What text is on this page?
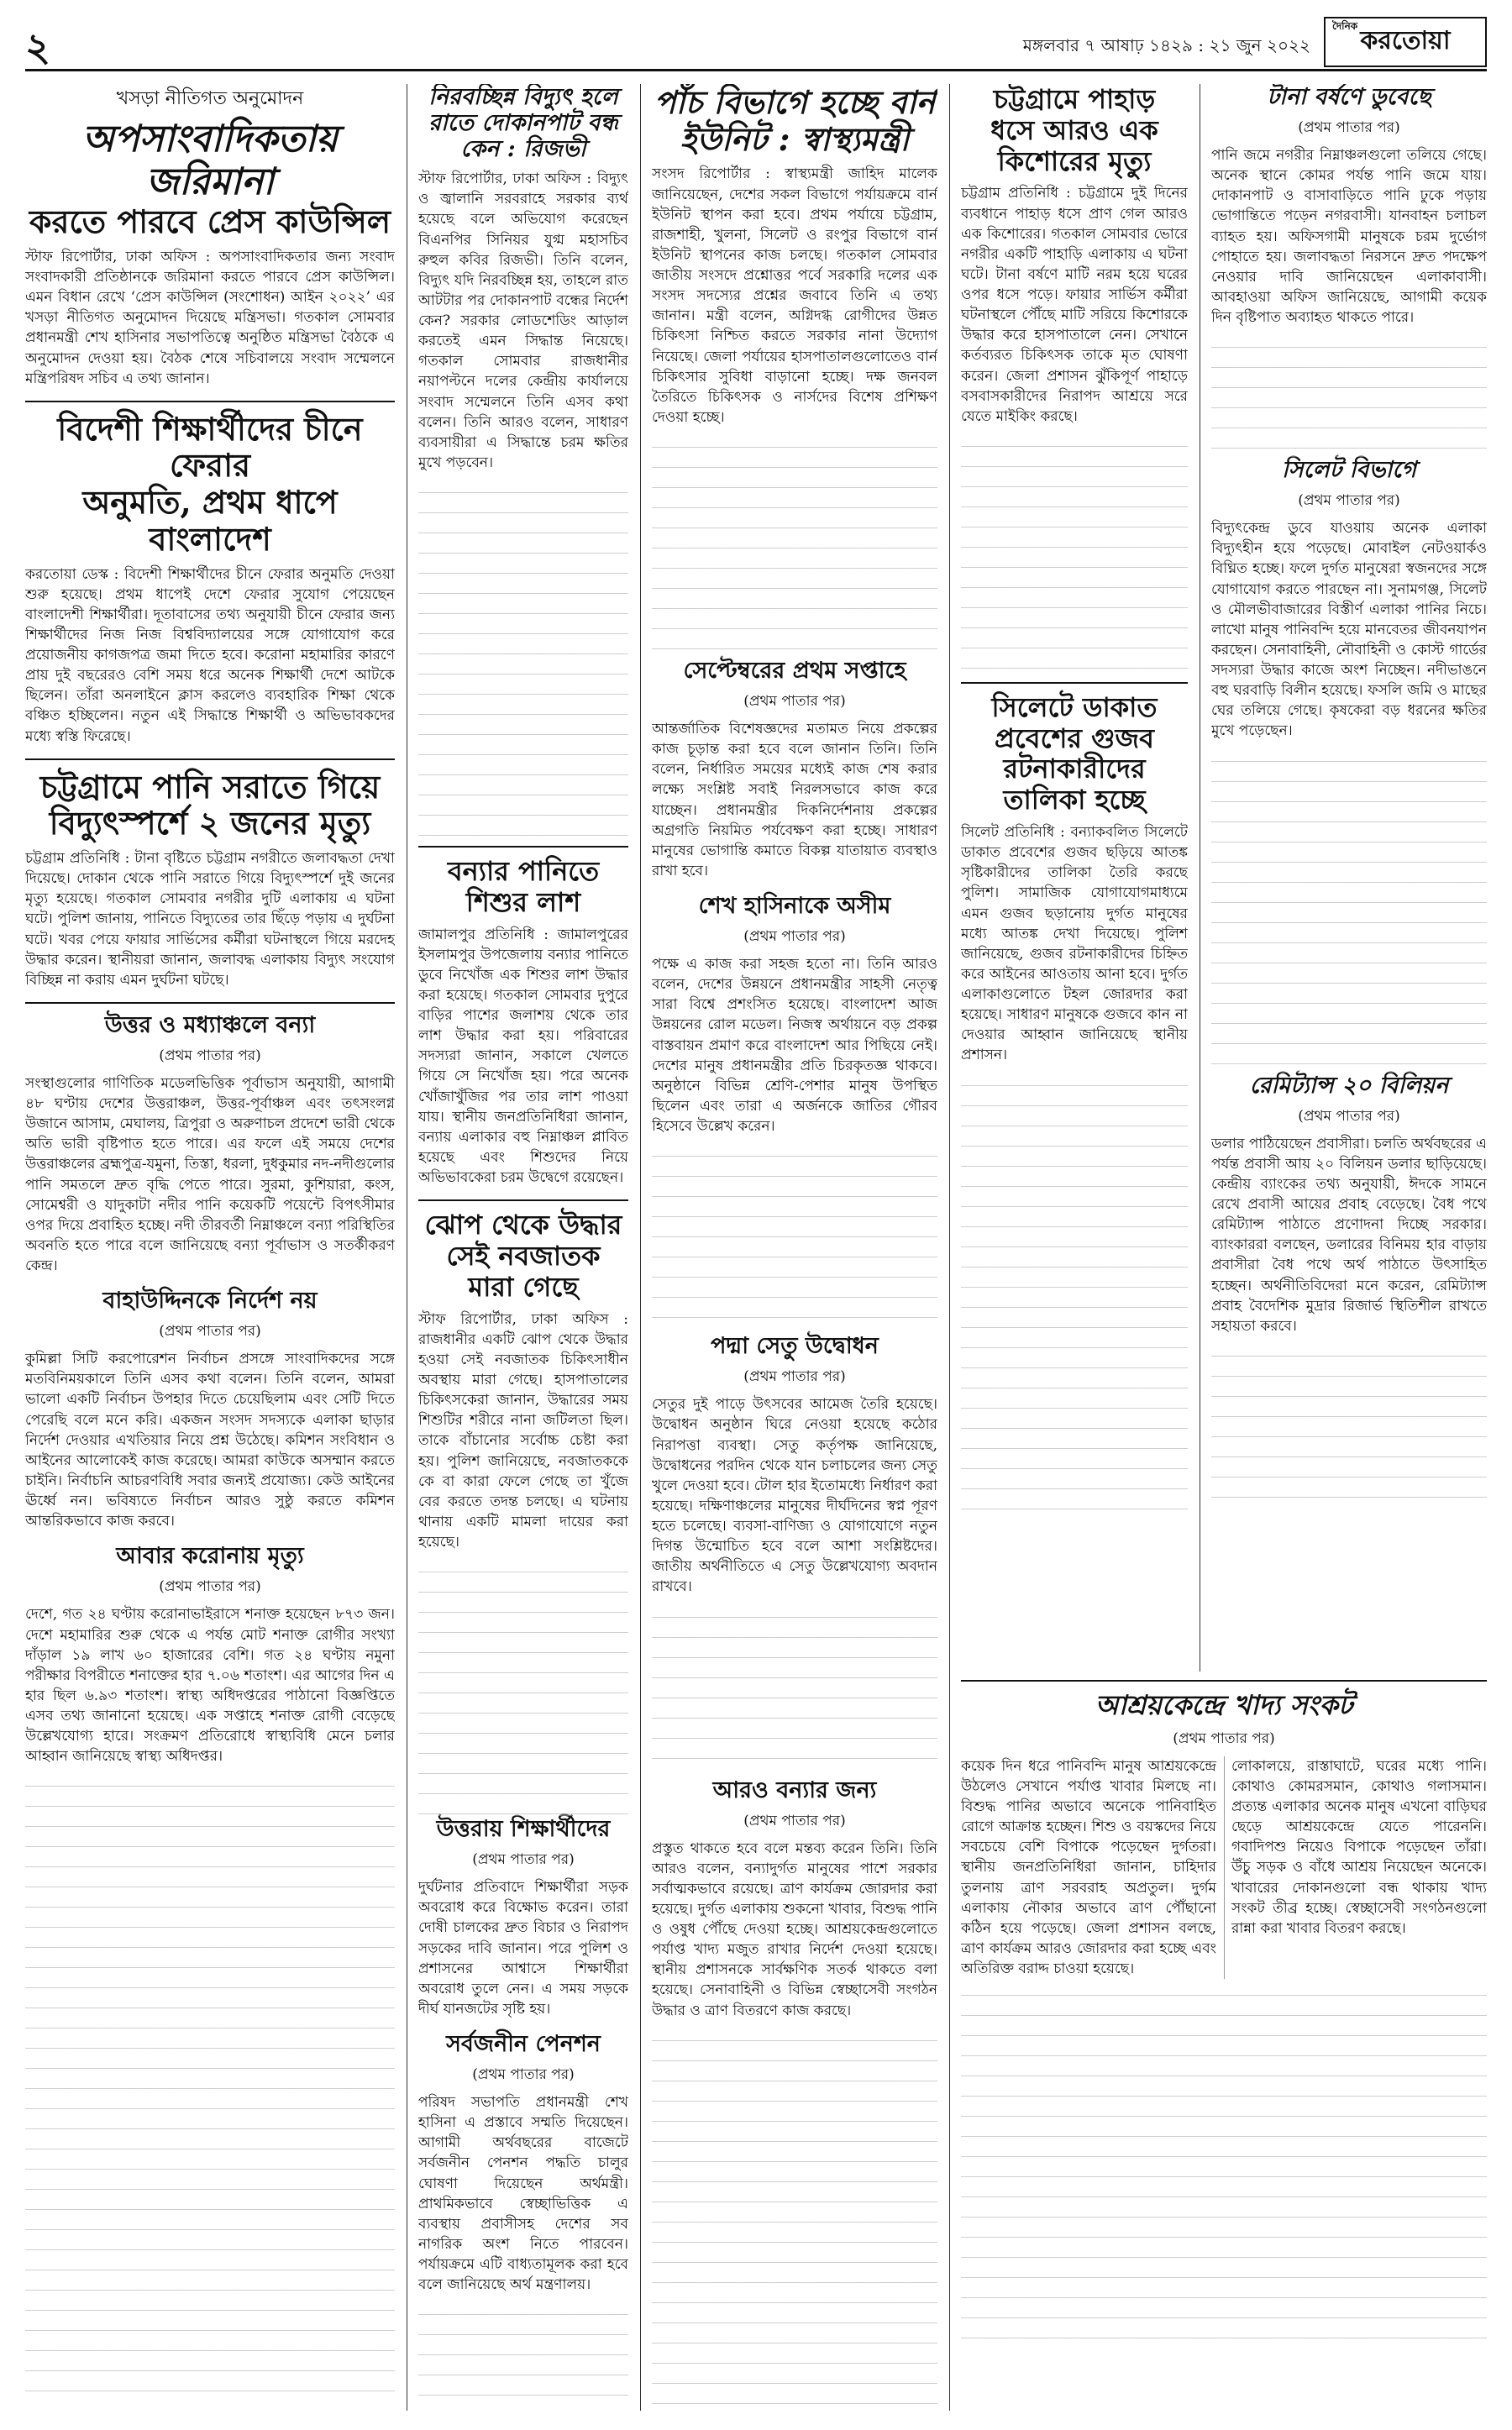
২	মঙ্গলবার ৭ আষাঢ় ১৪২৯ : ২১ জুন ২০২২
দৈনিক করতোয়া

খসড়া নীতিগত অনুমোদন

অপসাংবাদিকতায় জরিমানা
করতে পারবে প্রেস কাউন্সিল

স্টাফ রিপোর্টার, ঢাকা অফিস : অপসাংবাদিকতার জন্য সংবাদ সংবাদকারী প্রতিষ্ঠানকে জরিমানা করতে পারবে প্রেস কাউন্সিল। এমন বিধান রেখে ‘প্রেস কাউন্সিল (সংশোধন) আইন ২০২২’ এর খসড়া নীতিগত অনুমোদন দিয়েছে মন্ত্রিসভা। গতকাল সোমবার প্রধানমন্ত্রী শেখ হাসিনার সভাপতিত্বে অনুষ্ঠিত মন্ত্রিসভা বৈঠকে এ অনুমোদন দেওয়া হয়। বৈঠক শেষে সচিবালয়ে সংবাদ সম্মেলনে মন্ত্রিপরিষদ সচিব এ তথ্য জানান।

বিদেশী শিক্ষার্থীদের চীনে ফেরার
অনুমতি, প্রথম ধাপে বাংলাদেশ

করতোয়া ডেস্ক : বিদেশী শিক্ষার্থীদের চীনে ফেরার অনুমতি দেওয়া শুরু হয়েছে। প্রথম ধাপেই দেশে ফেরার সুযোগ পেয়েছেন বাংলাদেশী শিক্ষার্থীরা। দূতাবাসের তথ্য অনুযায়ী চীনে ফেরার জন্য শিক্ষার্থীদের নিজ নিজ বিশ্ববিদ্যালয়ের সঙ্গে যোগাযোগ করে প্রয়োজনীয় কাগজপত্র জমা দিতে হবে। করোনা মহামারির কারণে প্রায় দুই বছরেরও বেশি সময় ধরে অনেক শিক্ষার্থী দেশে আটকে ছিলেন। তাঁরা অনলাইনে ক্লাস করলেও ব্যবহারিক শিক্ষা থেকে বঞ্চিত হচ্ছিলেন। নতুন এই সিদ্ধান্তে শিক্ষার্থী ও অভিভাবকদের মধ্যে স্বস্তি ফিরেছে।

চট্টগ্রামে পানি সরাতে গিয়ে
বিদ্যুৎস্পর্শে ২ জনের মৃত্যু

চট্টগ্রাম প্রতিনিধি : টানা বৃষ্টিতে চট্টগ্রাম নগরীতে জলাবদ্ধতা দেখা দিয়েছে। দোকান থেকে পানি সরাতে গিয়ে বিদ্যুৎস্পর্শে দুই জনের মৃত্যু হয়েছে। গতকাল সোমবার নগরীর দুটি এলাকায় এ ঘটনা ঘটে। পুলিশ জানায়, পানিতে বিদ্যুতের তার ছিঁড়ে পড়ায় এ দুর্ঘটনা ঘটে। খবর পেয়ে ফায়ার সার্ভিসের কর্মীরা ঘটনাস্থলে গিয়ে মরদেহ উদ্ধার করেন। স্থানীয়রা জানান, জলাবদ্ধ এলাকায় বিদ্যুৎ সংযোগ বিচ্ছিন্ন না করায় এমন দুর্ঘটনা ঘটছে।

উত্তর ও মধ্যাঞ্চলে বন্যা

(প্রথম পাতার পর)

সংস্থাগুলোর গাণিতিক মডেলভিত্তিক পূর্বাভাস অনুযায়ী, আগামী ৪৮ ঘণ্টায় দেশের উত্তরাঞ্চল, উত্তর-পূর্বাঞ্চল এবং তৎসংলগ্ন উজানে আসাম, মেঘালয়, ত্রিপুরা ও অরুণাচল প্রদেশে ভারী থেকে অতি ভারী বৃষ্টিপাত হতে পারে। এর ফলে এই সময়ে দেশের উত্তরাঞ্চলের ব্রহ্মপুত্র-যমুনা, তিস্তা, ধরলা, দুধকুমার নদ-নদীগুলোর পানি সমতলে দ্রুত বৃদ্ধি পেতে পারে। সুরমা, কুশিয়ারা, কংস, সোমেশ্বরী ও যাদুকাটা নদীর পানি কয়েকটি পয়েন্টে বিপৎসীমার ওপর দিয়ে প্রবাহিত হচ্ছে। নদী তীরবর্তী নিম্নাঞ্চলে বন্যা পরিস্থিতির অবনতি হতে পারে বলে জানিয়েছে বন্যা পূর্বাভাস ও সতর্কীকরণ কেন্দ্র।

বাহাউদ্দিনকে নির্দেশ নয়

(প্রথম পাতার পর)

কুমিল্লা সিটি করপোরেশন নির্বাচন প্রসঙ্গে সাংবাদিকদের সঙ্গে মতবিনিময়কালে তিনি এসব কথা বলেন। তিনি বলেন, আমরা ভালো একটি নির্বাচন উপহার দিতে চেয়েছিলাম এবং সেটি দিতে পেরেছি বলে মনে করি। একজন সংসদ সদস্যকে এলাকা ছাড়ার নির্দেশ দেওয়ার এখতিয়ার নিয়ে প্রশ্ন উঠেছে। কমিশন সংবিধান ও আইনের আলোকেই কাজ করেছে। আমরা কাউকে অসম্মান করতে চাইনি। নির্বাচনি আচরণবিধি সবার জন্যই প্রযোজ্য। কেউ আইনের ঊর্ধ্বে নন। ভবিষ্যতে নির্বাচন আরও সুষ্ঠু করতে কমিশন আন্তরিকভাবে কাজ করবে।

আবার করোনায় মৃত্যু

(প্রথম পাতার পর)

দেশে, গত ২৪ ঘণ্টায় করোনাভাইরাসে শনাক্ত হয়েছেন ৮৭৩ জন। দেশে মহামারির শুরু থেকে এ পর্যন্ত মোট শনাক্ত রোগীর সংখ্যা দাঁড়াল ১৯ লাখ ৬০ হাজারের বেশি। গত ২৪ ঘণ্টায় নমুনা পরীক্ষার বিপরীতে শনাক্তের হার ৭.০৬ শতাংশ। এর আগের দিন এ হার ছিল ৬.৯৩ শতাংশ। স্বাস্থ্য অধিদপ্তরের পাঠানো বিজ্ঞপ্তিতে এসব তথ্য জানানো হয়েছে। এক সপ্তাহে শনাক্ত রোগী বেড়েছে উল্লেখযোগ্য হারে। সংক্রমণ প্রতিরোধে স্বাস্থ্যবিধি মেনে চলার আহ্বান জানিয়েছে স্বাস্থ্য অধিদপ্তর।

নিরবচ্ছিন্ন বিদ্যুৎ হলে
রাতে দোকানপাট বন্ধ
কেন : রিজভী

স্টাফ রিপোর্টার, ঢাকা অফিস : বিদ্যুৎ ও জ্বালানি সরবরাহে সরকার ব্যর্থ হয়েছে বলে অভিযোগ করেছেন বিএনপির সিনিয়র যুগ্ম মহাসচিব রুহুল কবির রিজভী। তিনি বলেন, বিদ্যুৎ যদি নিরবচ্ছিন্ন হয়, তাহলে রাত আটটার পর দোকানপাট বন্ধের নির্দেশ কেন? সরকার লোডশেডিং আড়াল করতেই এমন সিদ্ধান্ত নিয়েছে। গতকাল সোমবার রাজধানীর নয়াপল্টনে দলের কেন্দ্রীয় কার্যালয়ে সংবাদ সম্মেলনে তিনি এসব কথা বলেন। তিনি আরও বলেন, সাধারণ ব্যবসায়ীরা এ সিদ্ধান্তে চরম ক্ষতির মুখে পড়বেন।

বন্যার পানিতে
শিশুর লাশ

জামালপুর প্রতিনিধি : জামালপুরের ইসলামপুর উপজেলায় বন্যার পানিতে ডুবে নিখোঁজ এক শিশুর লাশ উদ্ধার করা হয়েছে। গতকাল সোমবার দুপুরে বাড়ির পাশের জলাশয় থেকে তার লাশ উদ্ধার করা হয়। পরিবারের সদস্যরা জানান, সকালে খেলতে গিয়ে সে নিখোঁজ হয়। পরে অনেক খোঁজাখুঁজির পর তার লাশ পাওয়া যায়। স্থানীয় জনপ্রতিনিধিরা জানান, বন্যায় এলাকার বহু নিম্নাঞ্চল প্লাবিত হয়েছে এবং শিশুদের নিয়ে অভিভাবকেরা চরম উদ্বেগে রয়েছেন।

ঝোপ থেকে উদ্ধার
সেই নবজাতক
মারা গেছে

স্টাফ রিপোর্টার, ঢাকা অফিস : রাজধানীর একটি ঝোপ থেকে উদ্ধার হওয়া সেই নবজাতক চিকিৎসাধীন অবস্থায় মারা গেছে। হাসপাতালের চিকিৎসকেরা জানান, উদ্ধারের সময় শিশুটির শরীরে নানা জটিলতা ছিল। তাকে বাঁচানোর সর্বোচ্চ চেষ্টা করা হয়। পুলিশ জানিয়েছে, নবজাতককে কে বা কারা ফেলে গেছে তা খুঁজে বের করতে তদন্ত চলছে। এ ঘটনায় থানায় একটি মামলা দায়ের করা হয়েছে।

উত্তরায় শিক্ষার্থীদের

(প্রথম পাতার পর)

দুর্ঘটনার প্রতিবাদে শিক্ষার্থীরা সড়ক অবরোধ করে বিক্ষোভ করেন। তারা দোষী চালকের দ্রুত বিচার ও নিরাপদ সড়কের দাবি জানান। পরে পুলিশ ও প্রশাসনের আশ্বাসে শিক্ষার্থীরা অবরোধ তুলে নেন। এ সময় সড়কে দীর্ঘ যানজটের সৃষ্টি হয়।

সর্বজনীন পেনশন

(প্রথম পাতার পর)

পরিষদ সভাপতি প্রধানমন্ত্রী শেখ হাসিনা এ প্রস্তাবে সম্মতি দিয়েছেন। আগামী অর্থবছরের বাজেটে সর্বজনীন পেনশন পদ্ধতি চালুর ঘোষণা দিয়েছেন অর্থমন্ত্রী। প্রাথমিকভাবে স্বেচ্ছাভিত্তিক এ ব্যবস্থায় প্রবাসীসহ দেশের সব নাগরিক অংশ নিতে পারবেন। পর্যায়ক্রমে এটি বাধ্যতামূলক করা হবে বলে জানিয়েছে অর্থ মন্ত্রণালয়।

পাঁচ বিভাগে হচ্ছে বার্ন
ইউনিট : স্বাস্থ্যমন্ত্রী

সংসদ রিপোর্টার : স্বাস্থ্যমন্ত্রী জাহিদ মালেক জানিয়েছেন, দেশের সকল বিভাগে পর্যায়ক্রমে বার্ন ইউনিট স্থাপন করা হবে। প্রথম পর্যায়ে চট্টগ্রাম, রাজশাহী, খুলনা, সিলেট ও রংপুর বিভাগে বার্ন ইউনিট স্থাপনের কাজ চলছে। গতকাল সোমবার জাতীয় সংসদে প্রশ্নোত্তর পর্বে সরকারি দলের এক সংসদ সদস্যের প্রশ্নের জবাবে তিনি এ তথ্য জানান। মন্ত্রী বলেন, অগ্নিদগ্ধ রোগীদের উন্নত চিকিৎসা নিশ্চিত করতে সরকার নানা উদ্যোগ নিয়েছে। জেলা পর্যায়ের হাসপাতালগুলোতেও বার্ন চিকিৎসার সুবিধা বাড়ানো হচ্ছে। দক্ষ জনবল তৈরিতে চিকিৎসক ও নার্সদের বিশেষ প্রশিক্ষণ দেওয়া হচ্ছে।

সেপ্টেম্বরের প্রথম সপ্তাহে

(প্রথম পাতার পর)

আন্তর্জাতিক বিশেষজ্ঞদের মতামত নিয়ে প্রকল্পের কাজ চূড়ান্ত করা হবে বলে জানান তিনি। তিনি বলেন, নির্ধারিত সময়ের মধ্যেই কাজ শেষ করার লক্ষ্যে সংশ্লিষ্ট সবাই নিরলসভাবে কাজ করে যাচ্ছেন। প্রধানমন্ত্রীর দিকনির্দেশনায় প্রকল্পের অগ্রগতি নিয়মিত পর্যবেক্ষণ করা হচ্ছে। সাধারণ মানুষের ভোগান্তি কমাতে বিকল্প যাতায়াত ব্যবস্থাও রাখা হবে।

শেখ হাসিনাকে অসীম

(প্রথম পাতার পর)

পক্ষে এ কাজ করা সহজ হতো না। তিনি আরও বলেন, দেশের উন্নয়নে প্রধানমন্ত্রীর সাহসী নেতৃত্ব সারা বিশ্বে প্রশংসিত হয়েছে। বাংলাদেশ আজ উন্নয়নের রোল মডেল। নিজস্ব অর্থায়নে বড় প্রকল্প বাস্তবায়ন প্রমাণ করে বাংলাদেশ আর পিছিয়ে নেই। দেশের মানুষ প্রধানমন্ত্রীর প্রতি চিরকৃতজ্ঞ থাকবে। অনুষ্ঠানে বিভিন্ন শ্রেণি-পেশার মানুষ উপস্থিত ছিলেন এবং তারা এ অর্জনকে জাতির গৌরব হিসেবে উল্লেখ করেন।

পদ্মা সেতু উদ্বোধন

(প্রথম পাতার পর)

সেতুর দুই পাড়ে উৎসবের আমেজ তৈরি হয়েছে। উদ্বোধন অনুষ্ঠান ঘিরে নেওয়া হয়েছে কঠোর নিরাপত্তা ব্যবস্থা। সেতু কর্তৃপক্ষ জানিয়েছে, উদ্বোধনের পরদিন থেকে যান চলাচলের জন্য সেতু খুলে দেওয়া হবে। টোল হার ইতোমধ্যে নির্ধারণ করা হয়েছে। দক্ষিণাঞ্চলের মানুষের দীর্ঘদিনের স্বপ্ন পূরণ হতে চলেছে। ব্যবসা-বাণিজ্য ও যোগাযোগে নতুন দিগন্ত উন্মোচিত হবে বলে আশা সংশ্লিষ্টদের। জাতীয় অর্থনীতিতে এ সেতু উল্লেখযোগ্য অবদান রাখবে।

আরও বন্যার জন্য

(প্রথম পাতার পর)

প্রস্তুত থাকতে হবে বলে মন্তব্য করেন তিনি। তিনি আরও বলেন, বন্যাদুর্গত মানুষের পাশে সরকার সর্বাত্মকভাবে রয়েছে। ত্রাণ কার্যক্রম জোরদার করা হয়েছে। দুর্গত এলাকায় শুকনো খাবার, বিশুদ্ধ পানি ও ওষুধ পৌঁছে দেওয়া হচ্ছে। আশ্রয়কেন্দ্রগুলোতে পর্যাপ্ত খাদ্য মজুত রাখার নির্দেশ দেওয়া হয়েছে। স্থানীয় প্রশাসনকে সার্বক্ষণিক সতর্ক থাকতে বলা হয়েছে। সেনাবাহিনী ও বিভিন্ন স্বেচ্ছাসেবী সংগঠন উদ্ধার ও ত্রাণ বিতরণে কাজ করছে।

চট্টগ্রামে পাহাড়
ধসে আরও এক
কিশোরের মৃত্যু

চট্টগ্রাম প্রতিনিধি : চট্টগ্রামে দুই দিনের ব্যবধানে পাহাড় ধসে প্রাণ গেল আরও এক কিশোরের। গতকাল সোমবার ভোরে নগরীর একটি পাহাড়ি এলাকায় এ ঘটনা ঘটে। টানা বর্ষণে মাটি নরম হয়ে ঘরের ওপর ধসে পড়ে। ফায়ার সার্ভিস কর্মীরা ঘটনাস্থলে পৌঁছে মাটি সরিয়ে কিশোরকে উদ্ধার করে হাসপাতালে নেন। সেখানে কর্তব্যরত চিকিৎসক তাকে মৃত ঘোষণা করেন। জেলা প্রশাসন ঝুঁকিপূর্ণ পাহাড়ে বসবাসকারীদের নিরাপদ আশ্রয়ে সরে যেতে মাইকিং করছে।

সিলেটে ডাকাত
প্রবেশের গুজব
রটনাকারীদের
তালিকা হচ্ছে

সিলেট প্রতিনিধি : বন্যাকবলিত সিলেটে ডাকাত প্রবেশের গুজব ছড়িয়ে আতঙ্ক সৃষ্টিকারীদের তালিকা তৈরি করছে পুলিশ। সামাজিক যোগাযোগমাধ্যমে এমন গুজব ছড়ানোয় দুর্গত মানুষের মধ্যে আতঙ্ক দেখা দিয়েছে। পুলিশ জানিয়েছে, গুজব রটনাকারীদের চিহ্নিত করে আইনের আওতায় আনা হবে। দুর্গত এলাকাগুলোতে টহল জোরদার করা হয়েছে। সাধারণ মানুষকে গুজবে কান না দেওয়ার আহ্বান জানিয়েছে স্থানীয় প্রশাসন।

টানা বর্ষণে ডুবেছে

(প্রথম পাতার পর)

পানি জমে নগরীর নিম্নাঞ্চলগুলো তলিয়ে গেছে। অনেক স্থানে কোমর পর্যন্ত পানি জমে যায়। দোকানপাট ও বাসাবাড়িতে পানি ঢুকে পড়ায় ভোগান্তিতে পড়েন নগরবাসী। যানবাহন চলাচল ব্যাহত হয়। অফিসগামী মানুষকে চরম দুর্ভোগ পোহাতে হয়। জলাবদ্ধতা নিরসনে দ্রুত পদক্ষেপ নেওয়ার দাবি জানিয়েছেন এলাকাবাসী। আবহাওয়া অফিস জানিয়েছে, আগামী কয়েক দিন বৃষ্টিপাত অব্যাহত থাকতে পারে।

সিলেট বিভাগে

(প্রথম পাতার পর)

বিদ্যুৎকেন্দ্র ডুবে যাওয়ায় অনেক এলাকা বিদ্যুৎহীন হয়ে পড়েছে। মোবাইল নেটওয়ার্কও বিঘ্নিত হচ্ছে। ফলে দুর্গত মানুষেরা স্বজনদের সঙ্গে যোগাযোগ করতে পারছেন না। সুনামগঞ্জ, সিলেট ও মৌলভীবাজারের বিস্তীর্ণ এলাকা পানির নিচে। লাখো মানুষ পানিবন্দি হয়ে মানবেতর জীবনযাপন করছেন। সেনাবাহিনী, নৌবাহিনী ও কোস্ট গার্ডের সদস্যরা উদ্ধার কাজে অংশ নিচ্ছেন। নদীভাঙনে বহু ঘরবাড়ি বিলীন হয়েছে। ফসলি জমি ও মাছের ঘের তলিয়ে গেছে। কৃষকেরা বড় ধরনের ক্ষতির মুখে পড়েছেন।

রেমিট্যান্স ২০ বিলিয়ন

(প্রথম পাতার পর)

ডলার পাঠিয়েছেন প্রবাসীরা। চলতি অর্থবছরের এ পর্যন্ত প্রবাসী আয় ২০ বিলিয়ন ডলার ছাড়িয়েছে। কেন্দ্রীয় ব্যাংকের তথ্য অনুযায়ী, ঈদকে সামনে রেখে প্রবাসী আয়ের প্রবাহ বেড়েছে। বৈধ পথে রেমিট্যান্স পাঠাতে প্রণোদনা দিচ্ছে সরকার। ব্যাংকাররা বলছেন, ডলারের বিনিময় হার বাড়ায় প্রবাসীরা বৈধ পথে অর্থ পাঠাতে উৎসাহিত হচ্ছেন। অর্থনীতিবিদেরা মনে করেন, রেমিট্যান্স প্রবাহ বৈদেশিক মুদ্রার রিজার্ভ স্থিতিশীল রাখতে সহায়তা করবে।

আশ্রয়কেন্দ্রে খাদ্য সংকট

(প্রথম পাতার পর)

কয়েক দিন ধরে পানিবন্দি মানুষ আশ্রয়কেন্দ্রে উঠলেও সেখানে পর্যাপ্ত খাবার মিলছে না। বিশুদ্ধ পানির অভাবে অনেকে পানিবাহিত রোগে আক্রান্ত হচ্ছেন। শিশু ও বয়স্কদের নিয়ে সবচেয়ে বেশি বিপাকে পড়েছেন দুর্গতরা। স্থানীয় জনপ্রতিনিধিরা জানান, চাহিদার তুলনায় ত্রাণ সরবরাহ অপ্রতুল। দুর্গম এলাকায় নৌকার অভাবে ত্রাণ পৌঁছানো কঠিন হয়ে পড়েছে। জেলা প্রশাসন বলছে, ত্রাণ কার্যক্রম আরও জোরদার করা হচ্ছে এবং অতিরিক্ত বরাদ্দ চাওয়া হয়েছে।

লোকালয়ে, রাস্তাঘাটে, ঘরের মধ্যে পানি। কোথাও কোমরসমান, কোথাও গলাসমান। প্রত্যন্ত এলাকার অনেক মানুষ এখনো বাড়িঘর ছেড়ে আশ্রয়কেন্দ্রে যেতে পারেননি। গবাদিপশু নিয়েও বিপাকে পড়েছেন তাঁরা। উঁচু সড়ক ও বাঁধে আশ্রয় নিয়েছেন অনেকে। খাবারের দোকানগুলো বন্ধ থাকায় খাদ্য সংকট তীব্র হচ্ছে। স্বেচ্ছাসেবী সংগঠনগুলো রান্না করা খাবার বিতরণ করছে।
